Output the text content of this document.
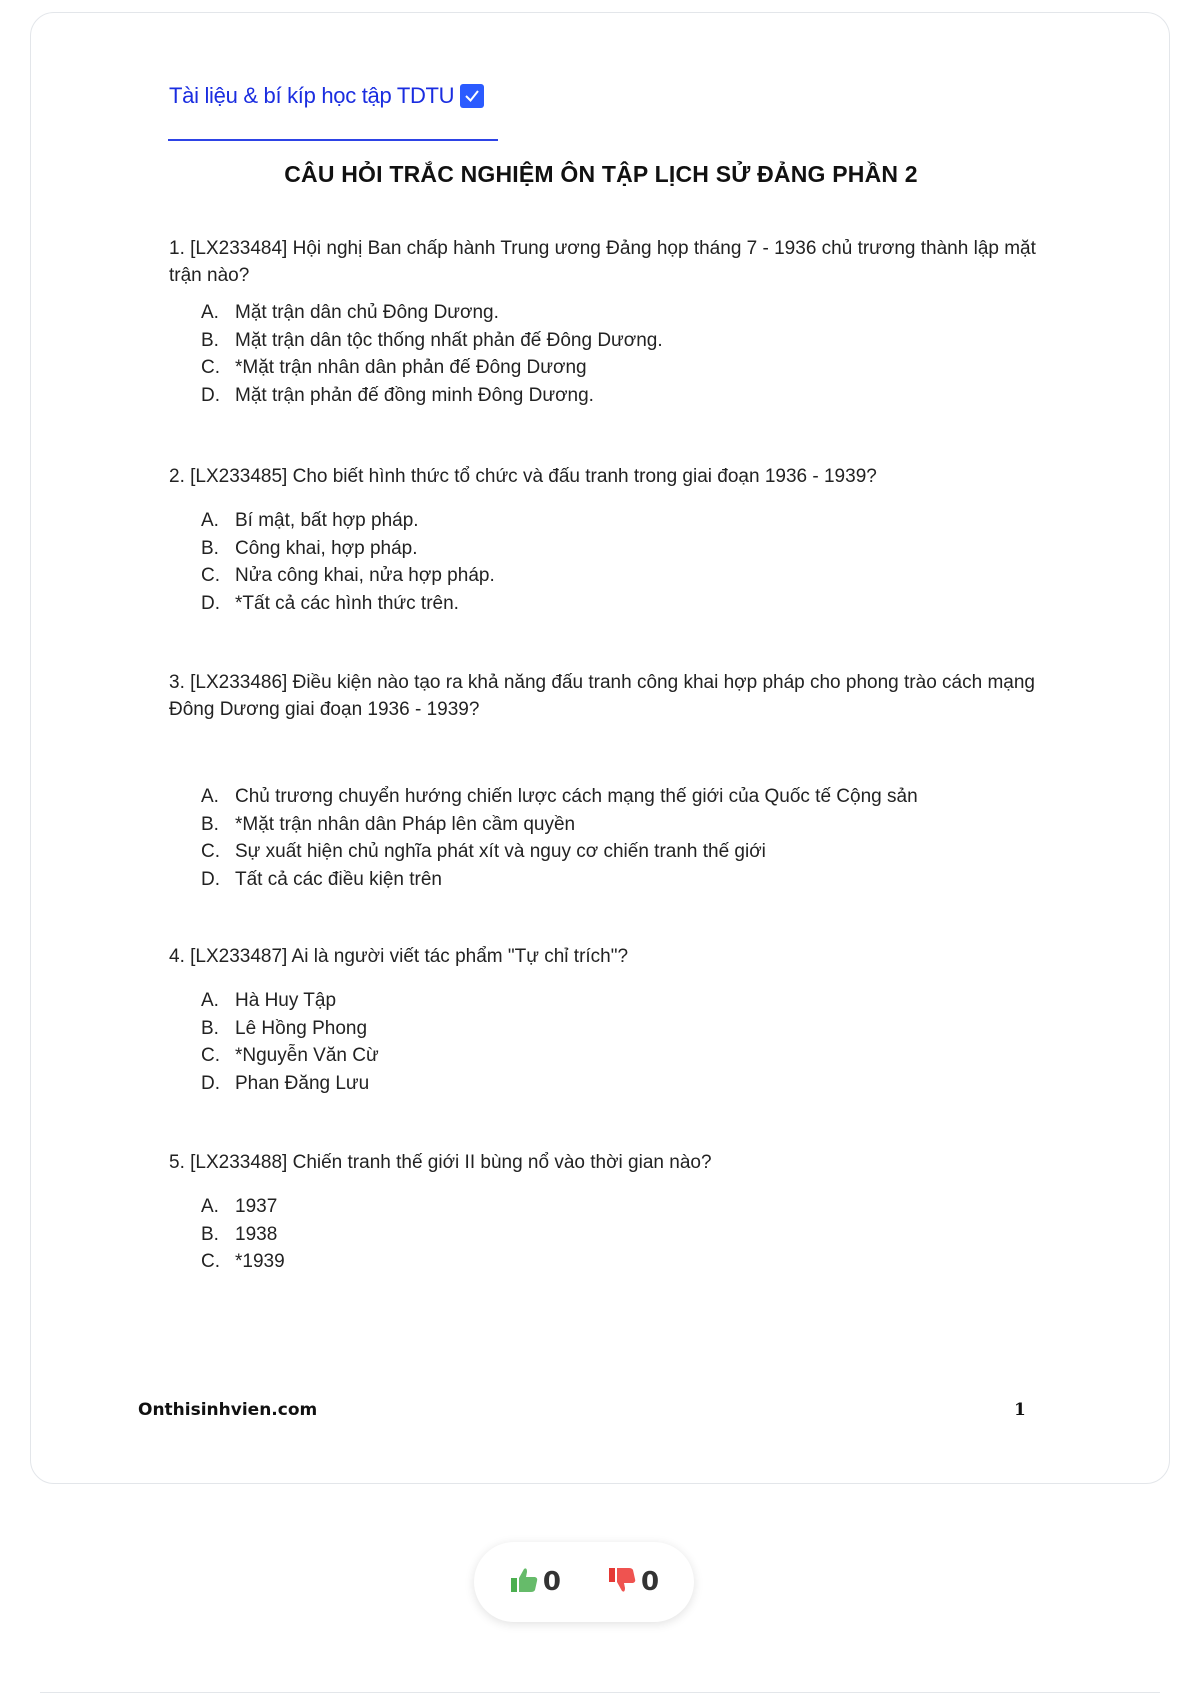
Tài liệu & bí kíp học tập TDTU
CÂU HỎI TRẮC NGHIỆM ÔN TẬP LỊCH SỬ ĐẢNG PHẦN 2
1. [LX233484] Hội nghị Ban chấp hành Trung ương Đảng họp tháng 7 - 1936 chủ trương thành lập mặt trận nào?
A. Mặt trận dân chủ Đông Dương.
B. Mặt trận dân tộc thống nhất phản đế Đông Dương.
C. *Mặt trận nhân dân phản đế Đông Dương
D. Mặt trận phản đế đồng minh Đông Dương.
2. [LX233485] Cho biết hình thức tổ chức và đấu tranh trong giai đoạn 1936 - 1939?
A. Bí mật, bất hợp pháp.
B. Công khai, hợp pháp.
C. Nửa công khai, nửa hợp pháp.
D. *Tất cả các hình thức trên.
3. [LX233486] Điều kiện nào tạo ra khả năng đấu tranh công khai hợp pháp cho phong trào cách mạng Đông Dương giai đoạn 1936 - 1939?
A. Chủ trương chuyển hướng chiến lược cách mạng thế giới của Quốc tế Cộng sản
B. *Mặt trận nhân dân Pháp lên cầm quyền
C. Sự xuất hiện chủ nghĩa phát xít và nguy cơ chiến tranh thế giới
D. Tất cả các điều kiện trên
4. [LX233487] Ai là người viết tác phẩm "Tự chỉ trích"?
A. Hà Huy Tập
B. Lê Hồng Phong
C. *Nguyễn Văn Cừ
D. Phan Đăng Lưu
5. [LX233488] Chiến tranh thế giới II bùng nổ vào thời gian nào?
A. 1937
B. 1938
C. *1939
Onthisinhvien.com	1
0	0
